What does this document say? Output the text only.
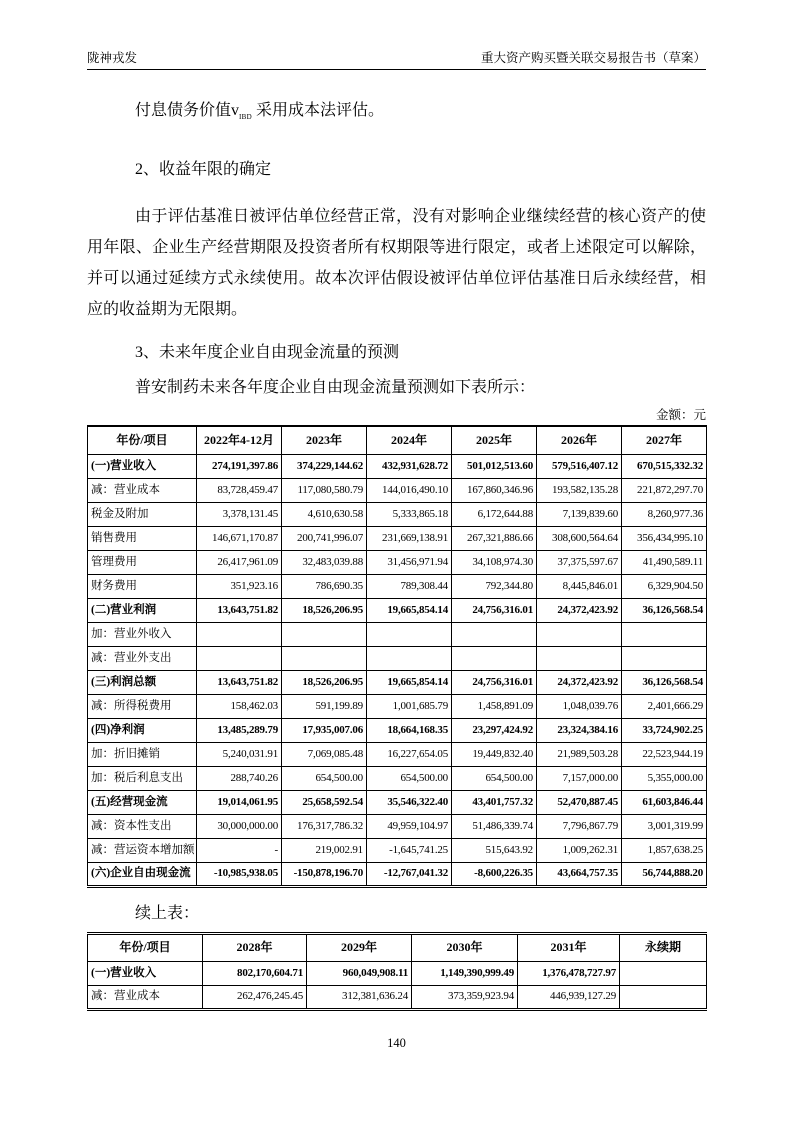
陇神戎发	重大资产购买暨关联交易报告书（草案）

付息债务价值$v_{IBD}$ 采用成本法评估。

2、收益年限的确定

由于评估基准日被评估单位经营正常，没有对影响企业继续经营的核心资产的使用年限、企业生产经营期限及投资者所有权期限等进行限定，或者上述限定可以解除，并可以通过延续方式永续使用。故本次评估假设被评估单位评估基准日后永续经营，相应的收益期为无限期。

3、未来年度企业自由现金流量的预测

普安制药未来各年度企业自由现金流量预测如下表所示：

金额：元
年份/项目	2022年4-12月	2023年	2024年	2025年	2026年	2027年
(一)营业收入	274,191,397.86	374,229,144.62	432,931,628.72	501,012,513.60	579,516,407.12	670,515,332.32
减：营业成本	83,728,459.47	117,080,580.79	144,016,490.10	167,860,346.96	193,582,135.28	221,872,297.70
税金及附加	3,378,131.45	4,610,630.58	5,333,865.18	6,172,644.88	7,139,839.60	8,260,977.36
销售费用	146,671,170.87	200,741,996.07	231,669,138.91	267,321,886.66	308,600,564.64	356,434,995.10
管理费用	26,417,961.09	32,483,039.88	31,456,971.94	34,108,974.30	37,375,597.67	41,490,589.11
财务费用	351,923.16	786,690.35	789,308.44	792,344.80	8,445,846.01	6,329,904.50
(二)营业利润	13,643,751.82	18,526,206.95	19,665,854.14	24,756,316.01	24,372,423.92	36,126,568.54
加：营业外收入						
减：营业外支出						
(三)利润总额	13,643,751.82	18,526,206.95	19,665,854.14	24,756,316.01	24,372,423.92	36,126,568.54
减：所得税费用	158,462.03	591,199.89	1,001,685.79	1,458,891.09	1,048,039.76	2,401,666.29
(四)净利润	13,485,289.79	17,935,007.06	18,664,168.35	23,297,424.92	23,324,384.16	33,724,902.25
加：折旧摊销	5,240,031.91	7,069,085.48	16,227,654.05	19,449,832.40	21,989,503.28	22,523,944.19
加：税后利息支出	288,740.26	654,500.00	654,500.00	654,500.00	7,157,000.00	5,355,000.00
(五)经营现金流	19,014,061.95	25,658,592.54	35,546,322.40	43,401,757.32	52,470,887.45	61,603,846.44
减：资本性支出	30,000,000.00	176,317,786.32	49,959,104.97	51,486,339.74	7,796,867.79	3,001,319.99
减：营运资本增加额	-	219,002.91	-1,645,741.25	515,643.92	1,009,262.31	1,857,638.25
(六)企业自由现金流	-10,985,938.05	-150,878,196.70	-12,767,041.32	-8,600,226.35	43,664,757.35	56,744,888.20

续上表：

年份/项目	2028年	2029年	2030年	2031年	永续期
(一)营业收入	802,170,604.71	960,049,908.11	1,149,390,999.49	1,376,478,727.97	
减：营业成本	262,476,245.45	312,381,636.24	373,359,923.94	446,939,127.29	
140
